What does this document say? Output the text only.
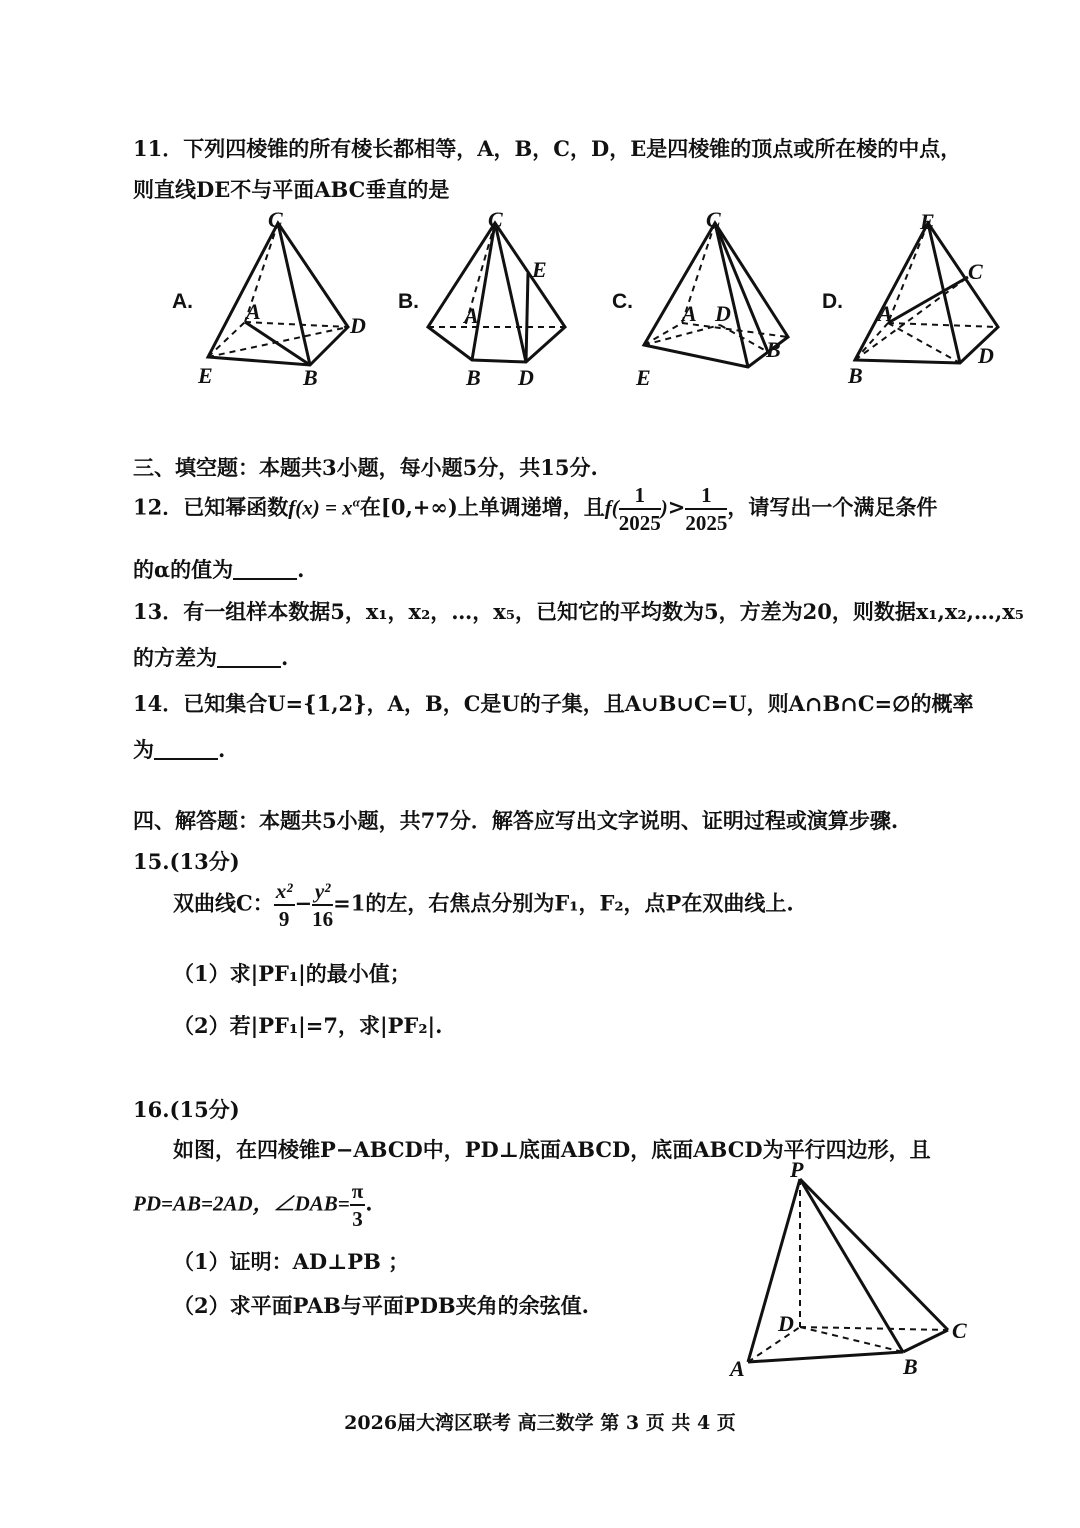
11．下列四棱锥的所有棱长都相等，A，B，C，D，E是四棱锥的顶点或所在棱的中点，
则直线DE不与平面ABC垂直的是
A.
C
A
D
E	B
B.
C
E
A
B D
C.
C
A D
B
E
D.
E
C
A
D
B
三、填空题：本题共3小题，每小题5分，共15分.
12．已知幂函数$f(x) = x^\alpha$在[0,+∞)上单调递增，且$f( \frac{1}{2025}$ )> $\frac{1}{2025}$ ，请写出一个满足条件
的α的值为	.
13．有一组样本数据5，x₁，x₂，…，x₅，已知它的平均数为5，方差为20，则数据x₁,x₂,…,x₅
的方差为	.
14．已知集合U={1,2}，A，B，C是U的子集，且A∪B∪C=U，则A∩B∩C=∅的概率
为	.
四、解答题：本题共5小题，共77分．解答应写出文字说明、证明过程或演算步骤.
15.(13分)
双曲线C： $\frac{\text{x²}}{9} - \frac{\text{y²}}{16} =1$的左，右焦点分别为F₁，F₂，点P在双曲线上.
（1）求|PF₁|的最小值；
（2）若|PF₁|=7，求|PF₂|.
16.(15分)
如图，在四棱锥P−ABCD中，PD⊥底面ABCD，底面ABCD为平行四边形，且
PD=AB=2AD，∠DAB= $\frac{\pi}{3}$ .
（1）证明：AD⊥PB ；
（2）求平面PAB与平面PDB夹角的余弦值.
P
D	C
A	B
2026届大湾区联考 高三数学 第 3 页 共 4 页
